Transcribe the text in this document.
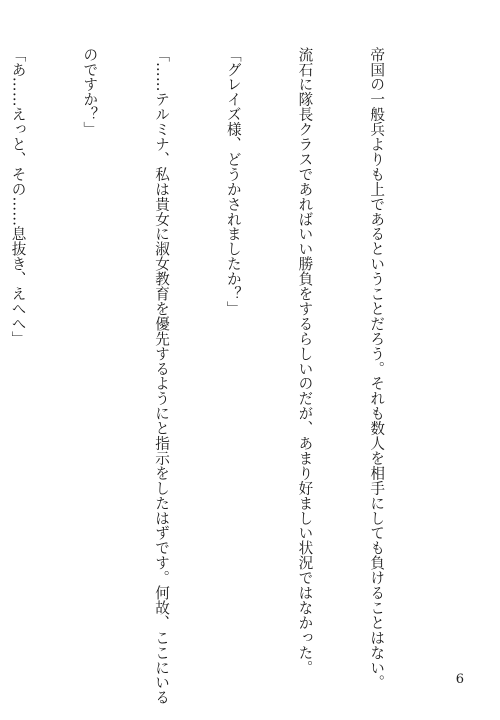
帝国の一般兵よりも上であるということだろう。それも数人を相手にしても負けることはない。

流石に隊長クラスであればいい勝負をするらしいのだが、あまり好ましい状況ではなかった。

「グレイズ様、どうかされましたか？」

「……テルミナ、私は貴女に淑女教育を優先するようにと指示をしたはずです。何故、ここにいる

のですか？」

「あ……えっと、その……息抜き、えへへ」

6
